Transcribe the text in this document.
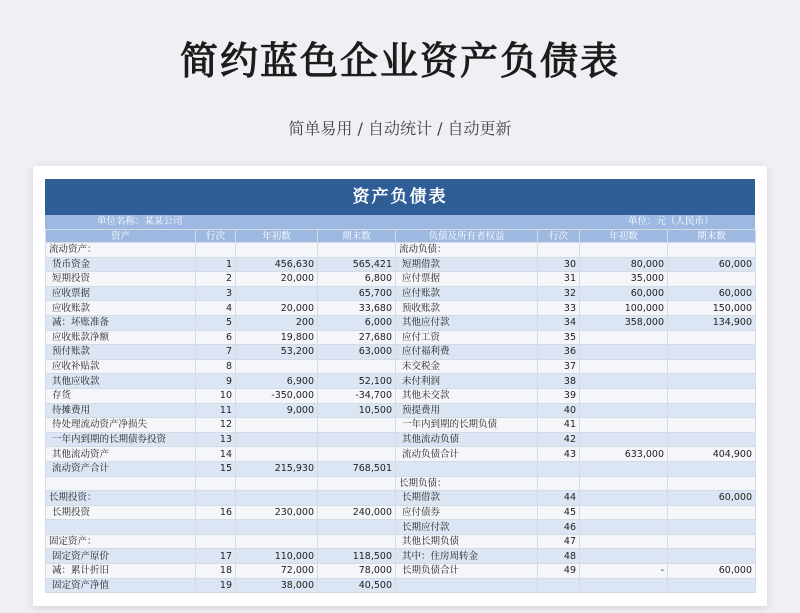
简约蓝色企业资产负债表
简单易用 / 自动统计 / 自动更新
资产负债表
单位名称：某某公司	单位：元（人民币）
资产	行次	年初数	期末数	负债及所有者权益	行次	年初数	期末数
流动资产：				流动负债：			
货币资金	1	456,630	565,421	短期借款	30	80,000	60,000
短期投资	2	20,000	6,800	应付票据	31	35,000	
应收票据	3		65,700	应付账款	32	60,000	60,000
应收账款	4	20,000	33,680	预收账款	33	100,000	150,000
减：坏账准备	5	200	6,000	其他应付款	34	358,000	134,900
应收账款净额	6	19,800	27,680	应付工资	35		
预付账款	7	53,200	63,000	应付福利费	36		
应收补贴款	8			未交税金	37		
其他应收款	9	6,900	52,100	未付利润	38		
存货	10	-350,000	-34,700	其他未交款	39		
待摊费用	11	9,000	10,500	预提费用	40		
待处理流动资产净损失	12			一年内到期的长期负债	41		
一年内到期的长期债券投资	13			其他流动负债	42		
其他流动资产	14			流动负债合计	43	633,000	404,900
流动资产合计	15	215,930	768,501				
				长期负债：			
长期投资：				长期借款	44		60,000
长期投资	16	230,000	240,000	应付债券	45		
				长期应付款	46		
固定资产：				其他长期负债	47		
固定资产原价	17	110,000	118,500	其中：住房周转金	48		
减：累计折旧	18	72,000	78,000	长期负债合计	49	-	60,000
固定资产净值	19	38,000	40,500				
